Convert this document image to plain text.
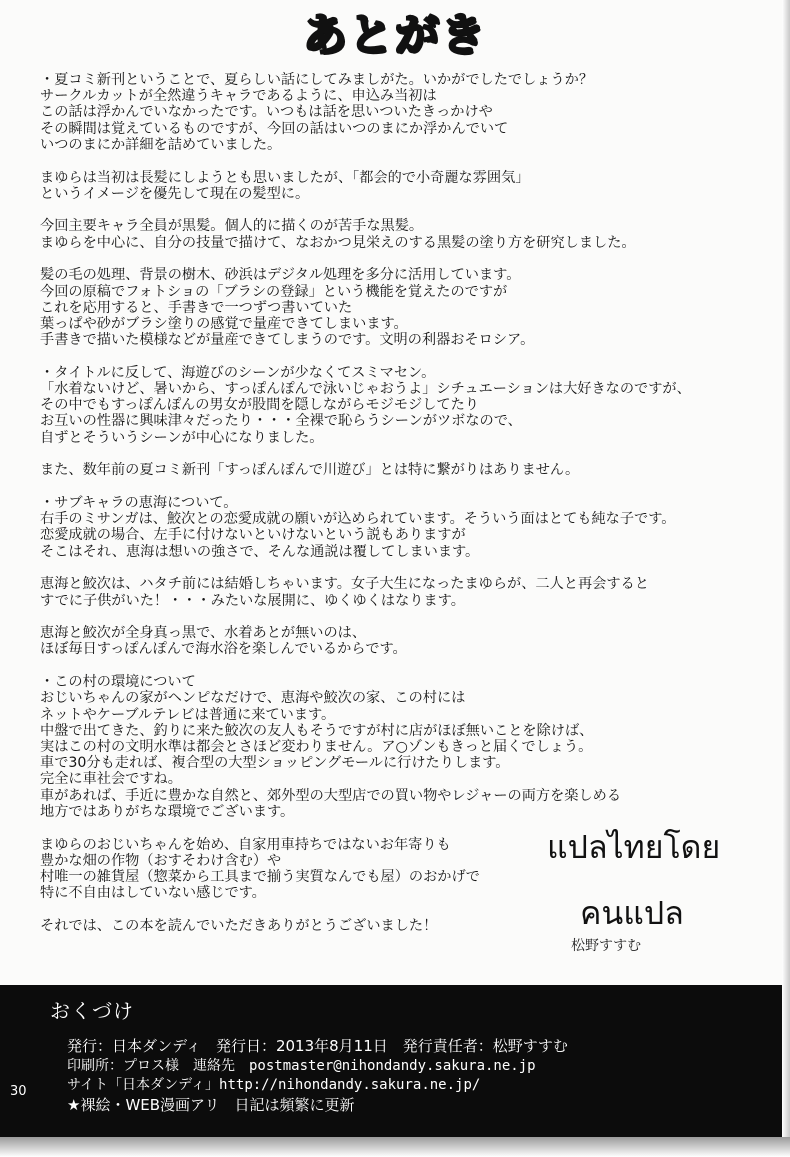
あとがき
・夏コミ新刊ということで、夏らしい話にしてみましがた。いかがでしたでしょうか？
サークルカットが全然違うキャラであるように、申込み当初は
この話は浮かんでいなかったです。いつもは話を思いついたきっかけや
その瞬間は覚えているものですが、今回の話はいつのまにか浮かんでいて
いつのまにか詳細を詰めていました。
まゆらは当初は長髪にしようとも思いましたが、「都会的で小奇麗な雰囲気」
というイメージを優先して現在の髪型に。
今回主要キャラ全員が黒髪。個人的に描くのが苦手な黒髪。
まゆらを中心に、自分の技量で描けて、なおかつ見栄えのする黒髪の塗り方を研究しました。
髪の毛の処理、背景の樹木、砂浜はデジタル処理を多分に活用しています。
今回の原稿でフォトショの「ブラシの登録」という機能を覚えたのですが
これを応用すると、手書きで一つずつ書いていた
葉っぱや砂がブラシ塗りの感覚で量産できてしまいます。
手書きで描いた模様などが量産できてしまうのです。文明の利器おそロシア。
・タイトルに反して、海遊びのシーンが少なくてスミマセン。
「水着ないけど、暑いから、すっぽんぽんで泳いじゃおうよ」シチュエーションは大好きなのですが、
その中でもすっぽんぽんの男女が股間を隠しながらモジモジしてたり
お互いの性器に興味津々だったり・・・全裸で恥らうシーンがツボなので、
自ずとそういうシーンが中心になりました。
また、数年前の夏コミ新刊「すっぽんぽんで川遊び」とは特に繋がりはありません。
・サブキャラの恵海について。
右手のミサンガは、鮫次との恋愛成就の願いが込められています。そういう面はとても純な子です。
恋愛成就の場合、左手に付けないといけないという説もありますが
そこはそれ、恵海は想いの強さで、そんな通説は覆してしまいます。
恵海と鮫次は、ハタチ前には結婚しちゃいます。女子大生になったまゆらが、二人と再会すると
すでに子供がいた！・・・みたいな展開に、ゆくゆくはなります。
恵海と鮫次が全身真っ黒で、水着あとが無いのは、
ほぼ毎日すっぽんぽんで海水浴を楽しんでいるからです。
・この村の環境について
おじいちゃんの家がヘンピなだけで、恵海や鮫次の家、この村には
ネットやケーブルテレビは普通に来ています。
中盤で出てきた、釣りに来た鮫次の友人もそうですが村に店がほぼ無いことを除けば、
実はこの村の文明水準は都会とさほど変わりません。ア○ゾンもきっと届くでしょう。
車で30分も走れば、複合型の大型ショッピングモールに行けたりします。
完全に車社会ですね。
車があれば、手近に豊かな自然と、郊外型の大型店での買い物やレジャーの両方を楽しめる
地方ではありがちな環境でございます。
まゆらのおじいちゃんを始め、自家用車持ちではないお年寄りも
豊かな畑の作物（おすそわけ含む）や
村唯一の雑貨屋（惣菜から工具まで揃う実質なんでも屋）のおかげで
特に不自由はしていない感じです。
それでは、この本を読んでいただきありがとうございました！
แปลไทยโดย
คนแปล
松野すすむ
おくづけ
発行：日本ダンディ　発行日：2013年8月11日　発行責任者：松野すすむ
印刷所：プロス様　連絡先　postmaster@nihondandy.sakura.ne.jp
サイト「日本ダンディ」http://nihondandy.sakura.ne.jp/
★裸絵・WEB漫画アリ　日記は頻繁に更新
30
